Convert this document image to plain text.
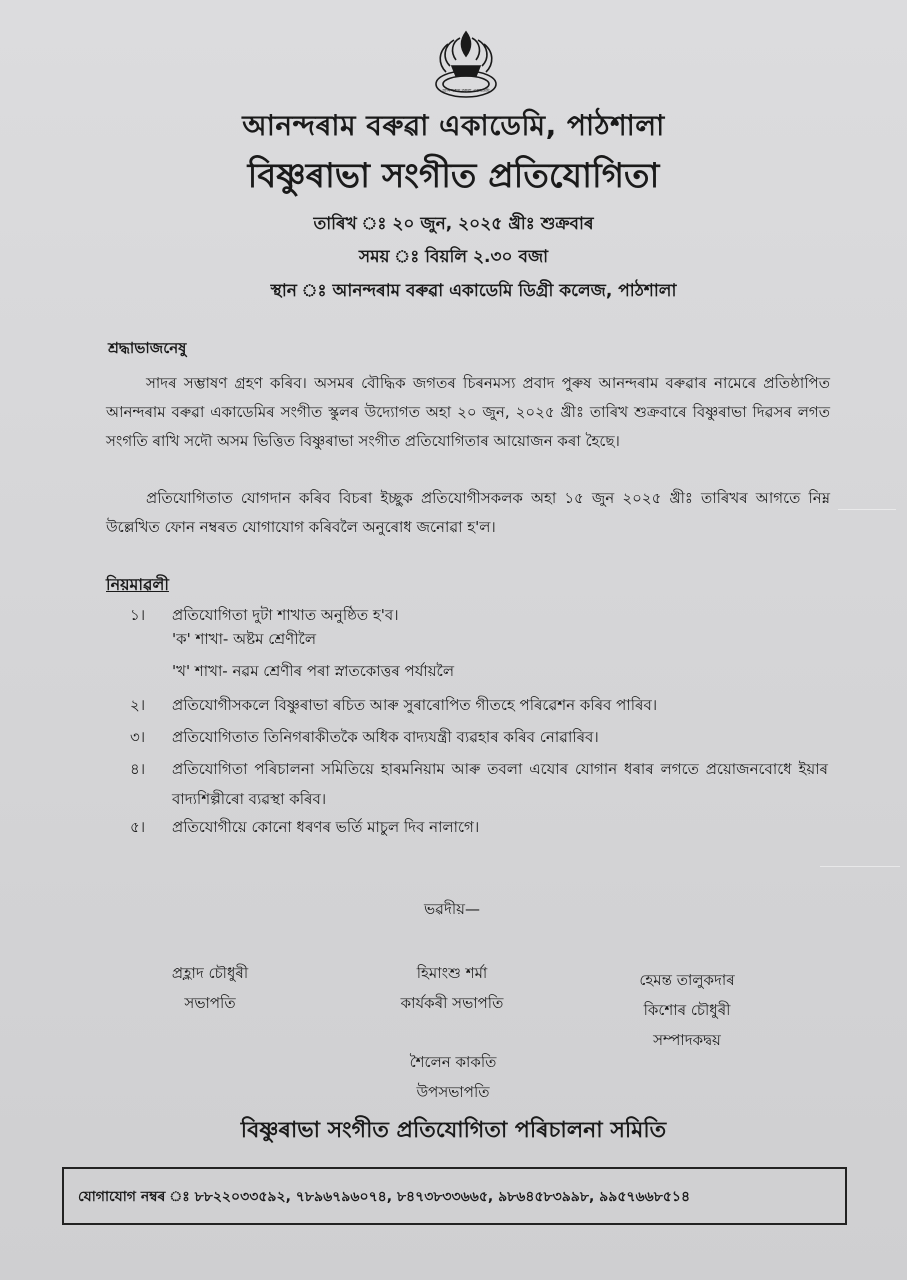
আনন্দৰাম বৰুৱা একাডেমি
আনন্দৰাম বৰুৱা একাডেমি, পাঠশালা
বিষ্ণুৰাভা সংগীত প্ৰতিযোগিতা
তাৰিখ ঃ ২০ জুন, ২০২৫ খ্ৰীঃ শুক্ৰবাৰ
সময় ঃ বিয়লি ২.৩০ বজা
স্থান ঃ আনন্দৰাম বৰুৱা একাডেমি ডিগ্ৰী কলেজ, পাঠশালা
শ্ৰদ্ধাভাজনেষু
সাদৰ সম্ভাষণ গ্ৰহণ কৰিব। অসমৰ বৌদ্ধিক জগতৰ চিৰনমস্য প্ৰবাদ পুৰুষ আনন্দৰাম বৰুৱাৰ নামেৰে প্ৰতিষ্ঠাপিত আনন্দৰাম বৰুৱা একাডেমিৰ সংগীত স্কুলৰ উদ্যোগত অহা ২০ জুন, ২০২৫ খ্ৰীঃ তাৰিখ শুক্ৰবাৰে বিষ্ণুৰাভা দিৱসৰ লগত সংগতি ৰাখি সদৌ অসম ভিত্তিত বিষ্ণুৰাভা সংগীত প্ৰতিযোগিতাৰ আয়োজন কৰা হৈছে।
প্ৰতিযোগিতাত যোগদান কৰিব বিচৰা ইচ্ছুক প্ৰতিযোগীসকলক অহা ১৫ জুন ২০২৫ খ্ৰীঃ তাৰিখৰ আগতে নিম্ন উল্লেখিত ফোন নম্বৰত যোগাযোগ কৰিবলৈ অনুৰোধ জনোৱা হ'ল।
নিয়মাৱলী
১।	প্ৰতিযোগিতা দুটা শাখাত অনুষ্ঠিত হ'ব।
'ক' শাখা- অষ্টম শ্ৰেণীলৈ
'খ' শাখা- নৱম শ্ৰেণীৰ পৰা স্নাতকোত্তৰ পৰ্যায়লৈ
২।	প্ৰতিযোগীসকলে বিষ্ণুৰাভা ৰচিত আৰু সুৰাৰোপিত গীতহে পৰিৱেশন কৰিব পাৰিব।
৩।	প্ৰতিযোগিতাত তিনিগৰাকীতকৈ অধিক বাদ্যযন্ত্ৰী ব্যৱহাৰ কৰিব নোৱাৰিব।
৪।	প্ৰতিযোগিতা পৰিচালনা সমিতিয়ে হাৰমনিয়াম আৰু তবলা এযোৰ যোগান ধৰাৰ লগতে প্ৰয়োজনবোধে ইয়াৰ বাদ্যশিল্পীৰো ব্যৱস্থা কৰিব।
৫।	প্ৰতিযোগীয়ে কোনো ধৰণৰ ভৰ্তি মাচুল দিব নালাগে।
ভৱদীয়—
প্ৰহ্লাদ চৌধুৰী
সভাপতি
হিমাংশু শৰ্মা
কাৰ্যকৰী সভাপতি
হেমন্ত তালুকদাৰ
কিশোৰ চৌধুৰী
সম্পাদকদ্বয়
শৈলেন কাকতি
উপসভাপতি
বিষ্ণুৰাভা সংগীত প্ৰতিযোগিতা পৰিচালনা সমিতি
যোগাযোগ নম্বৰ ঃ ৮৮২২০৩৩৫৯২, ৭৮৯৬৭৯৬০৭৪, ৮৪৭৩৮৩৩৬৬৫, ৯৮৬৪৫৮৩৯৯৮, ৯৯৫৭৬৬৮৫১৪
